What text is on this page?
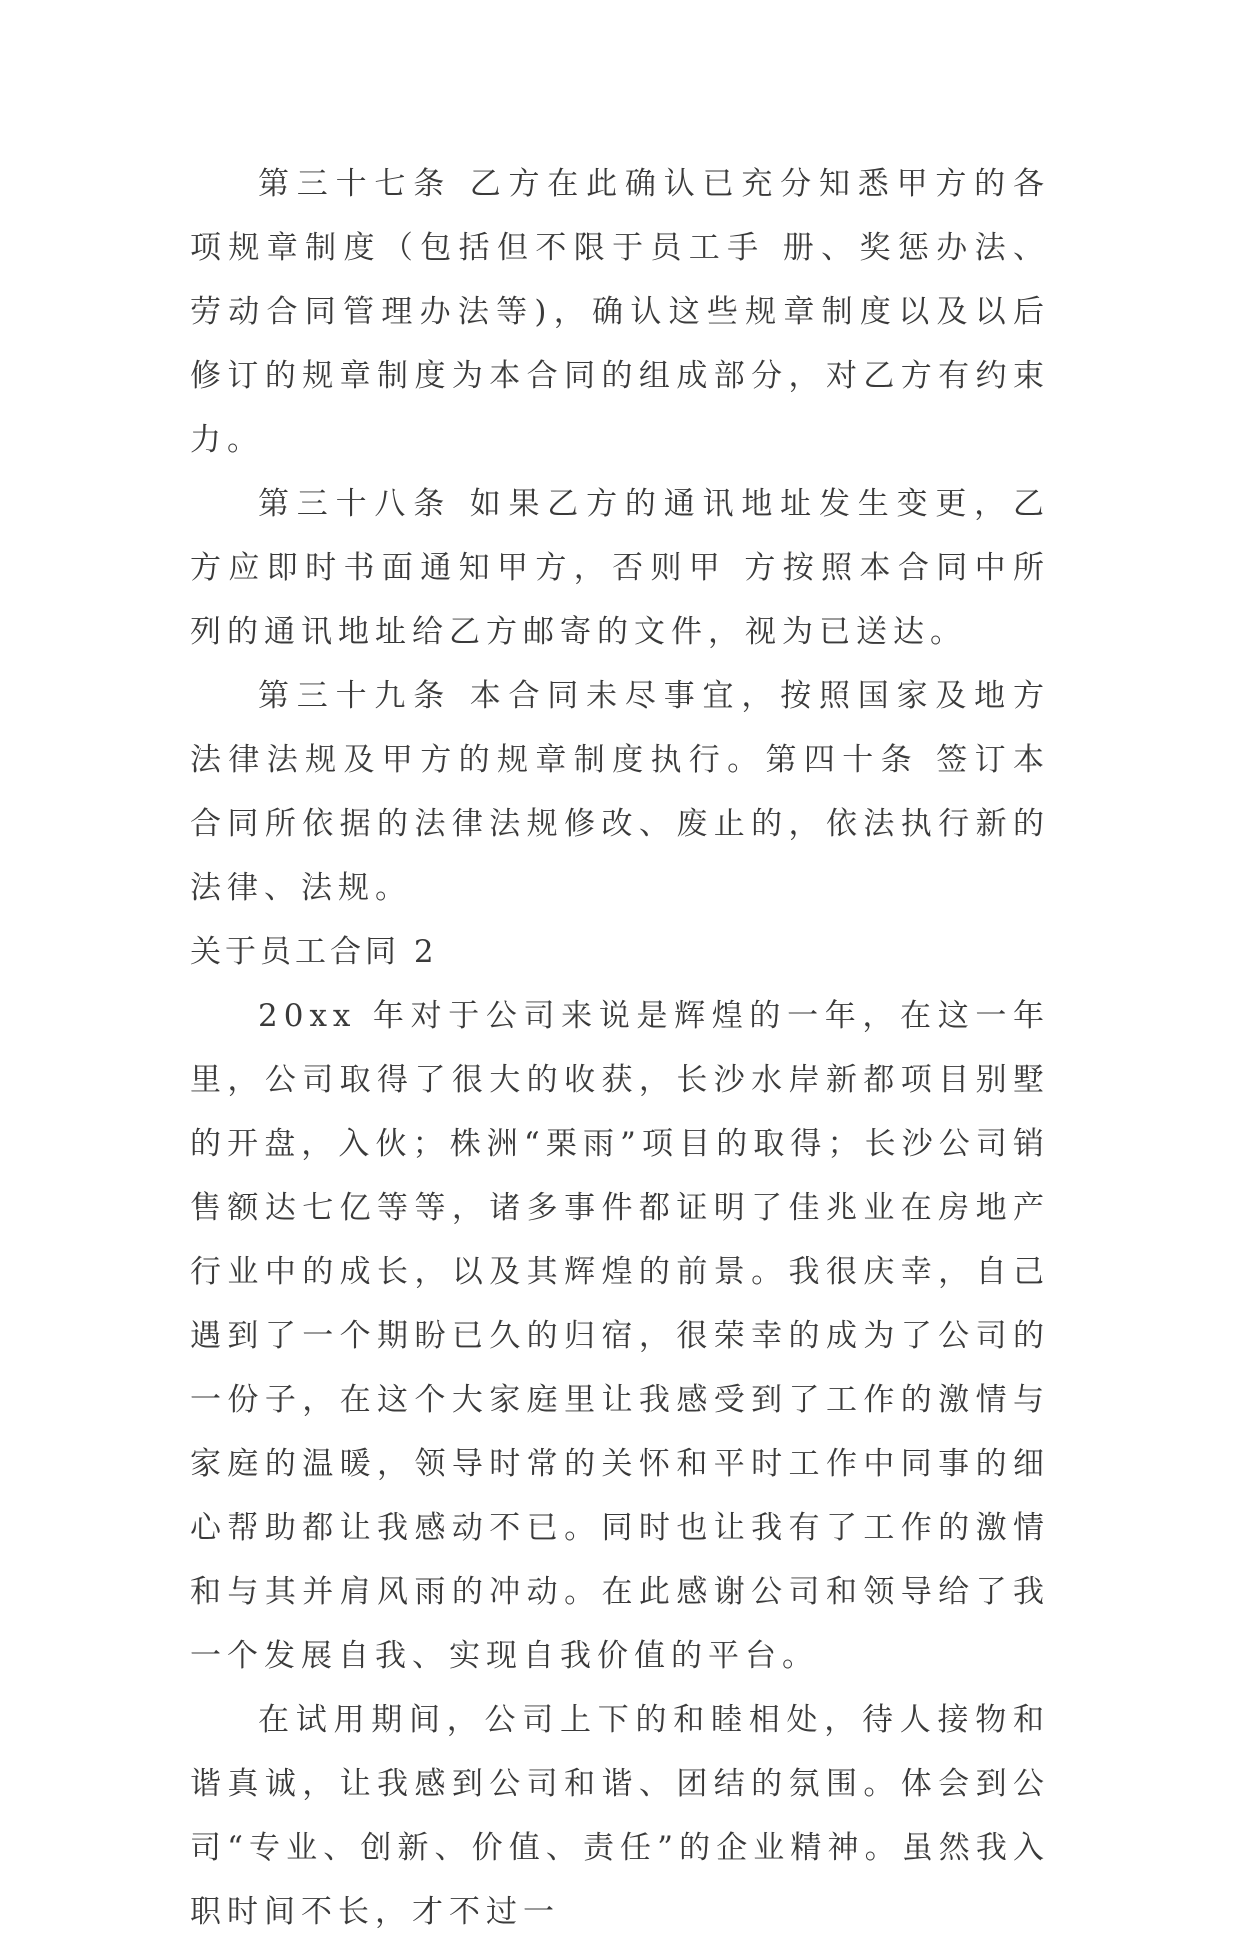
第三十七条 乙方在此确认已充分知悉甲方的各项规章制度（包括但不限于员工手 册、奖惩办法、劳动合同管理办法等)，确认这些规章制度以及以后修订的规章制度为本合同的组成部分，对乙方有约束力。

第三十八条 如果乙方的通讯地址发生变更，乙方应即时书面通知甲方，否则甲 方按照本合同中所列的通讯地址给乙方邮寄的文件，视为已送达。

第三十九条 本合同未尽事宜，按照国家及地方法律法规及甲方的规章制度执行。第四十条 签订本合同所依据的法律法规修改、废止的，依法执行新的法律、法规。

关于员工合同 2

20xx 年对于公司来说是辉煌的一年，在这一年里，公司取得了很大的收获，长沙水岸新都项目别墅的开盘，入伙；株洲“栗雨”项目的取得；长沙公司销售额达七亿等等，诸多事件都证明了佳兆业在房地产行业中的成长，以及其辉煌的前景。我很庆幸，自己遇到了一个期盼已久的归宿，很荣幸的成为了公司的一份子，在这个大家庭里让我感受到了工作的激情与家庭的温暖，领导时常的关怀和平时工作中同事的细心帮助都让我感动不已。同时也让我有了工作的激情和与其并肩风雨的冲动。在此感谢公司和领导给了我一个发展自我、实现自我价值的平台。

在试用期间，公司上下的和睦相处，待人接物和谐真诚，让我感到公司和谐、团结的氛围。体会到公司“专业、创新、价值、责任”的企业精神。虽然我入职时间不长，才不过一
